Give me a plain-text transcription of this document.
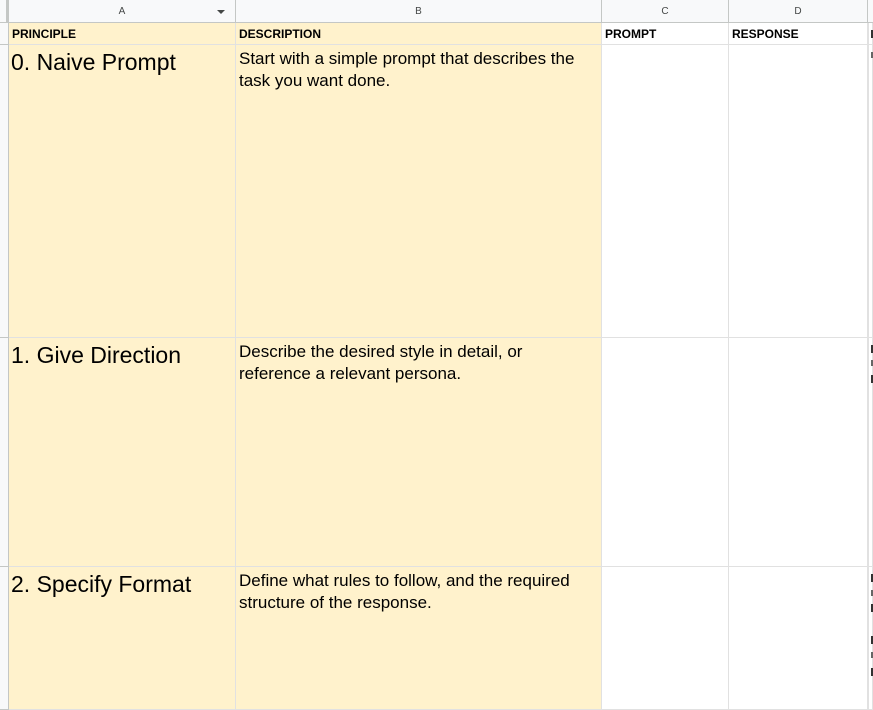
A	B	C	D
PRINCIPLE	DESCRIPTION	PROMPT	RESPONSE
0. Naive Prompt	Start with a simple prompt that describes the task you want done.
1. Give Direction	Describe the desired style in detail, or reference a relevant persona.
2. Specify Format	Define what rules to follow, and the required structure of the response.
